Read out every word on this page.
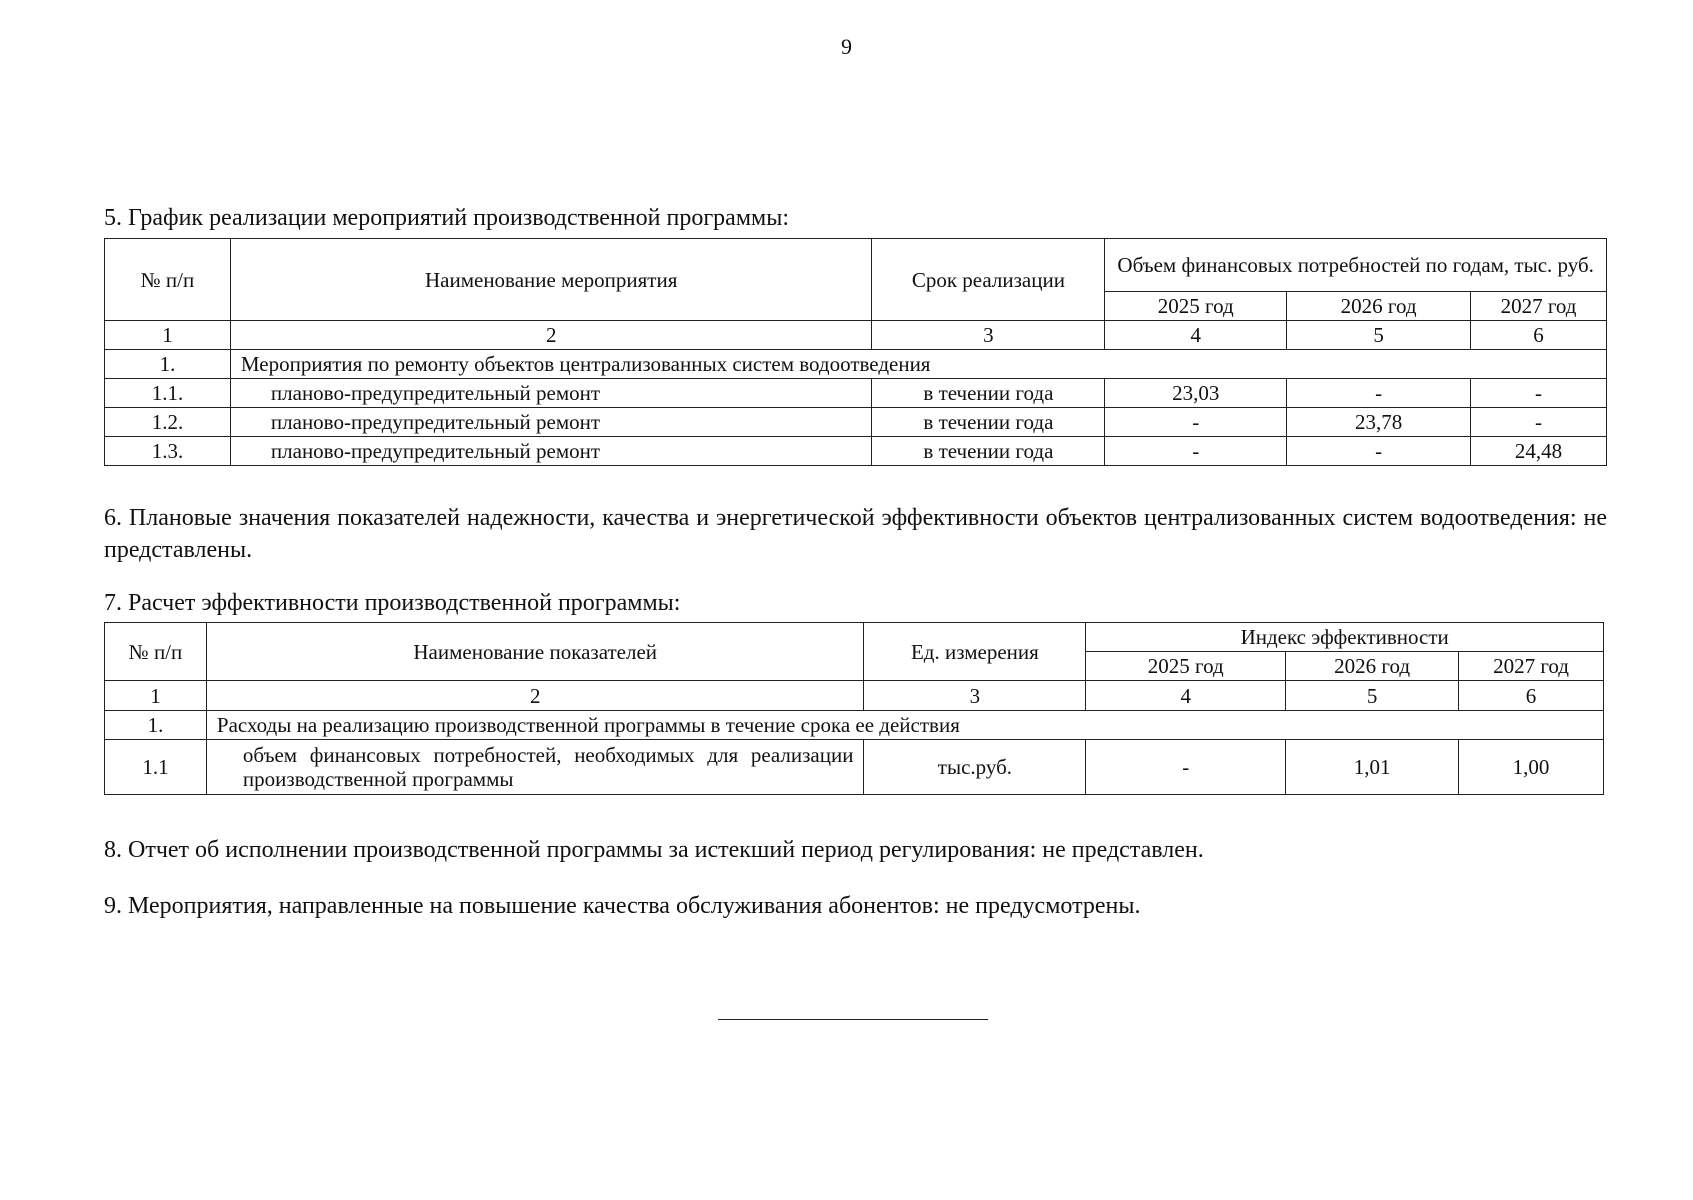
9
5. График реализации мероприятий производственной программы:
№ п/п	Наименование мероприятия	Срок реализации	Объем финансовых потребностей по годам, тыс. руб.		
			2025 год	2026 год	2027 год
1	2	3	4	5	6
1.	Мероприятия по ремонту объектов централизованных систем водоотведения				
1.1.	планово-предупредительный ремонт	в течении года	23,03	-	-
1.2.	планово-предупредительный ремонт	в течении года	-	23,78	-
1.3.	планово-предупредительный ремонт	в течении года	-	-	24,48
6. Плановые значения показателей надежности, качества и энергетической эффективности объектов централизованных систем водоотведения: не представлены.
7. Расчет эффективности производственной программы:
№ п/п	Наименование показателей	Ед. измерения	Индекс эффективности		
			2025 год	2026 год	2027 год
1	2	3	4	5	6
1.	Расходы на реализацию производственной программы в течение срока ее действия				
1.1	объем финансовых потребностей, необходимых для реализации производственной программы	тыс.руб.	-	1,01	1,00
8. Отчет об исполнении производственной программы за истекший период регулирования: не представлен.
9. Мероприятия, направленные на повышение качества обслуживания абонентов: не предусмотрены.
